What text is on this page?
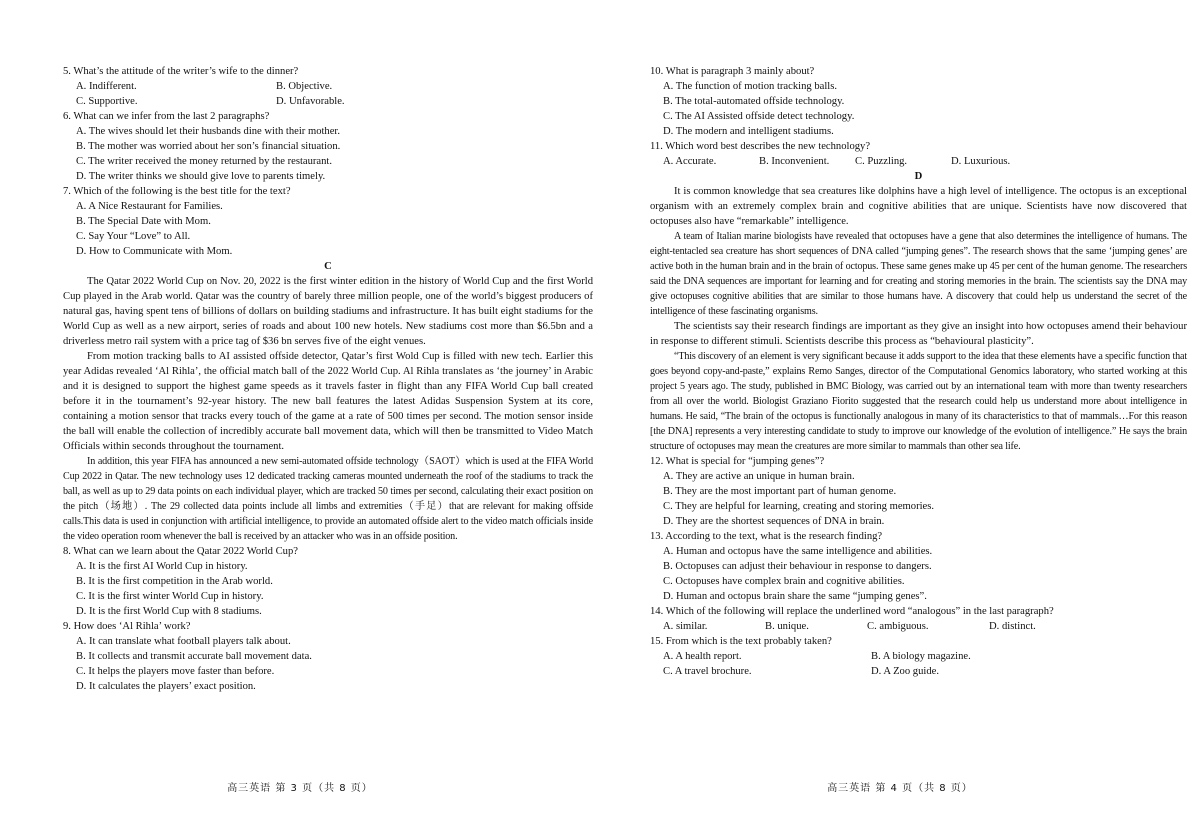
5. What’s the attitude of the writer’s wife to the dinner?

A. Indifferent.	B. Objective.
C. Supportive.	D. Unfavorable.

6. What can we infer from the last 2 paragraphs?

A. The wives should let their husbands dine with their mother.

B. The mother was worried about her son’s financial situation.

C. The writer received the money returned by the restaurant.

D. The writer thinks we should give love to parents timely.

7. Which of the following is the best title for the text?

A. A Nice Restaurant for Families.

B. The Special Date with Mom.

C. Say Your “Love” to All.

D. How to Communicate with Mom.

C

The Qatar 2022 World Cup on Nov. 20, 2022 is the first winter edition in the history of World Cup and the first World Cup played in the Arab world. Qatar was the country of barely three million people, one of the world’s biggest producers of natural gas, having spent tens of billions of dollars on building stadiums and infrastructure. It has built eight stadiums for the World Cup as well as a new airport, series of roads and about 100 new hotels. New stadiums cost more than $6.5bn and a driverless metro rail system with a price tag of $36 bn serves five of the eight venues.

From motion tracking balls to AI assisted offside detector, Qatar’s first Wold Cup is filled with new tech. Earlier this year Adidas revealed ‘Al Rihla’, the official match ball of the 2022 World Cup. Al Rihla translates as ‘the journey’ in Arabic and it is designed to support the highest game speeds as it travels faster in flight than any FIFA World Cup ball created before it in the tournament’s 92-year history. The new ball features the latest Adidas Suspension System at its core, containing a motion sensor that tracks every touch of the game at a rate of 500 times per second. The motion sensor inside the ball will enable the collection of incredibly accurate ball movement data, which will then be transmitted to Video Match Officials within seconds throughout the tournament.

In addition, this year FIFA has announced a new semi-automated offside technology（SAOT）which is used at the FIFA World Cup 2022 in Qatar. The new technology uses 12 dedicated tracking cameras mounted underneath the roof of the stadiums to track the ball, as well as up to 29 data points on each individual player, which are tracked 50 times per second, calculating their exact position on the pitch（场地）. The 29 collected data points include all limbs and extremities（手足）that are relevant for making offside calls.This data is used in conjunction with artificial intelligence, to provide an automated offside alert to the video match officials inside the video operation room whenever the ball is received by an attacker who was in an offside position.

8. What can we learn about the Qatar 2022 World Cup?

A. It is the first AI World Cup in history.

B. It is the first competition in the Arab world.

C. It is the first winter World Cup in history.

D. It is the first World Cup with 8 stadiums.

9. How does ‘Al Rihla’ work?

A. It can translate what football players talk about.

B. It collects and transmit accurate ball movement data.

C. It helps the players move faster than before.

D. It calculates the players’ exact position.

高三英语 第 3 页（共 8 页）

10. What is paragraph 3 mainly about?

A. The function of motion tracking balls.

B. The total-automated offside technology.

C. The AI Assisted offside detect technology.

D. The modern and intelligent stadiums.

11. Which word best describes the new technology?

A. Accurate.	B. Inconvenient.	C. Puzzling.	D. Luxurious.

D

It is common knowledge that sea creatures like dolphins have a high level of intelligence. The octopus is an exceptional organism with an extremely complex brain and cognitive abilities that are unique. Scientists have now discovered that octopuses also have “remarkable” intelligence.

A team of Italian marine biologists have revealed that octopuses have a gene that also determines the intelligence of humans. The eight-tentacled sea creature has short sequences of DNA called “jumping genes”. The research shows that the same ‘jumping genes’ are active both in the human brain and in the brain of octopus. These same genes make up 45 per cent of the human genome. The researchers said the DNA sequences are important for learning and for creating and storing memories in the brain. The scientists say the DNA may give octopuses cognitive abilities that are similar to those humans have. A discovery that could help us understand the secret of the intelligence of these fascinating organisms.

The scientists say their research findings are important as they give an insight into how octopuses amend their behaviour in response to different stimuli. Scientists describe this process as “behavioural plasticity”.

“This discovery of an element is very significant because it adds support to the idea that these elements have a specific function that goes beyond copy-and-paste,” explains Remo Sanges, director of the Computational Genomics laboratory, who started working at this project 5 years ago. The study, published in BMC Biology, was carried out by an international team with more than twenty researchers from all over the world. Biologist Graziano Fiorito suggested that the research could help us understand more about intelligence in humans. He said, “The brain of the octopus is functionally analogous in many of its characteristics to that of mammals…For this reason [the DNA] represents a very interesting candidate to study to improve our knowledge of the evolution of intelligence.” He says the brain structure of octopuses may mean the creatures are more similar to mammals than other sea life.

12. What is special for “jumping genes”?

A. They are active an unique in human brain.

B. They are the most important part of human genome.

C. They are helpful for learning, creating and storing memories.

D. They are the shortest sequences of DNA in brain.

13. According to the text, what is the research finding?

A. Human and octopus have the same intelligence and abilities.

B. Octopuses can adjust their behaviour in response to dangers.

C. Octopuses have complex brain and cognitive abilities.

D. Human and octopus brain share the same “jumping genes”.

14. Which of the following will replace the underlined word “analogous” in the last paragraph?

A. similar.	B. unique.	C. ambiguous.	D. distinct.

15. From which is the text probably taken?

A. A health report.	B. A biology magazine.
C. A travel brochure.	D. A Zoo guide.
高三英语 第 4 页（共 8 页）
